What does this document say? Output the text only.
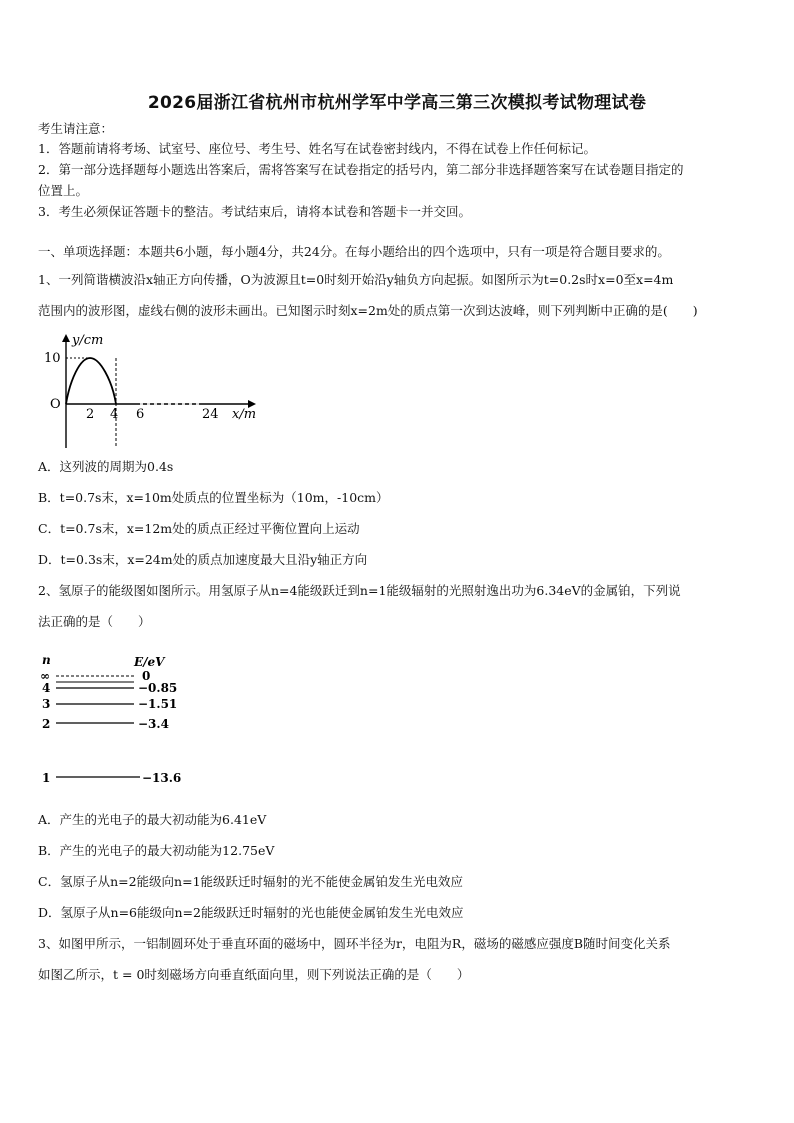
2026届浙江省杭州市杭州学军中学高三第三次模拟考试物理试卷
考生请注意：
1．答题前请将考场、试室号、座位号、考生号、姓名写在试卷密封线内，不得在试卷上作任何标记。
2．第一部分选择题每小题选出答案后，需将答案写在试卷指定的括号内，第二部分非选择题答案写在试卷题目指定的
位置上。
3．考生必须保证答题卡的整洁。考试结束后，请将本试卷和答题卡一并交回。
一、单项选择题：本题共6小题，每小题4分，共24分。在每小题给出的四个选项中，只有一项是符合题目要求的。
1、一列简谐横波沿x轴正方向传播，O为波源且t=0时刻开始沿y轴负方向起振。如图所示为t=0.2s时x=0至x=4m
范围内的波形图，虚线右侧的波形未画出。已知图示时刻x=2m处的质点第一次到达波峰，则下列判断中正确的是(　　)
y/cm
10
O
2 4 6	24 x/m
A．这列波的周期为0.4s
B．t=0.7s末，x=10m处质点的位置坐标为（10m，-10cm）
C．t=0.7s末，x=12m处的质点正经过平衡位置向上运动
D．t=0.3s末，x=24m处的质点加速度最大且沿y轴正方向
2、氢原子的能级图如图所示。用氢原子从n=4能级跃迁到n=1能级辐射的光照射逸出功为6.34eV的金属铂，下列说
法正确的是（　　）
n	E/eV
∞	0
4	−0.85
3	−1.51
2	−3.4
1	−13.6
A．产生的光电子的最大初动能为6.41eV
B．产生的光电子的最大初动能为12.75eV
C．氢原子从n=2能级向n=1能级跃迁时辐射的光不能使金属铂发生光电效应
D．氢原子从n=6能级向n=2能级跃迁时辐射的光也能使金属铂发生光电效应
3、如图甲所示，一铝制圆环处于垂直环面的磁场中，圆环半径为r，电阻为R，磁场的磁感应强度B随时间变化关系
如图乙所示，t = 0时刻磁场方向垂直纸面向里，则下列说法正确的是（　　）
